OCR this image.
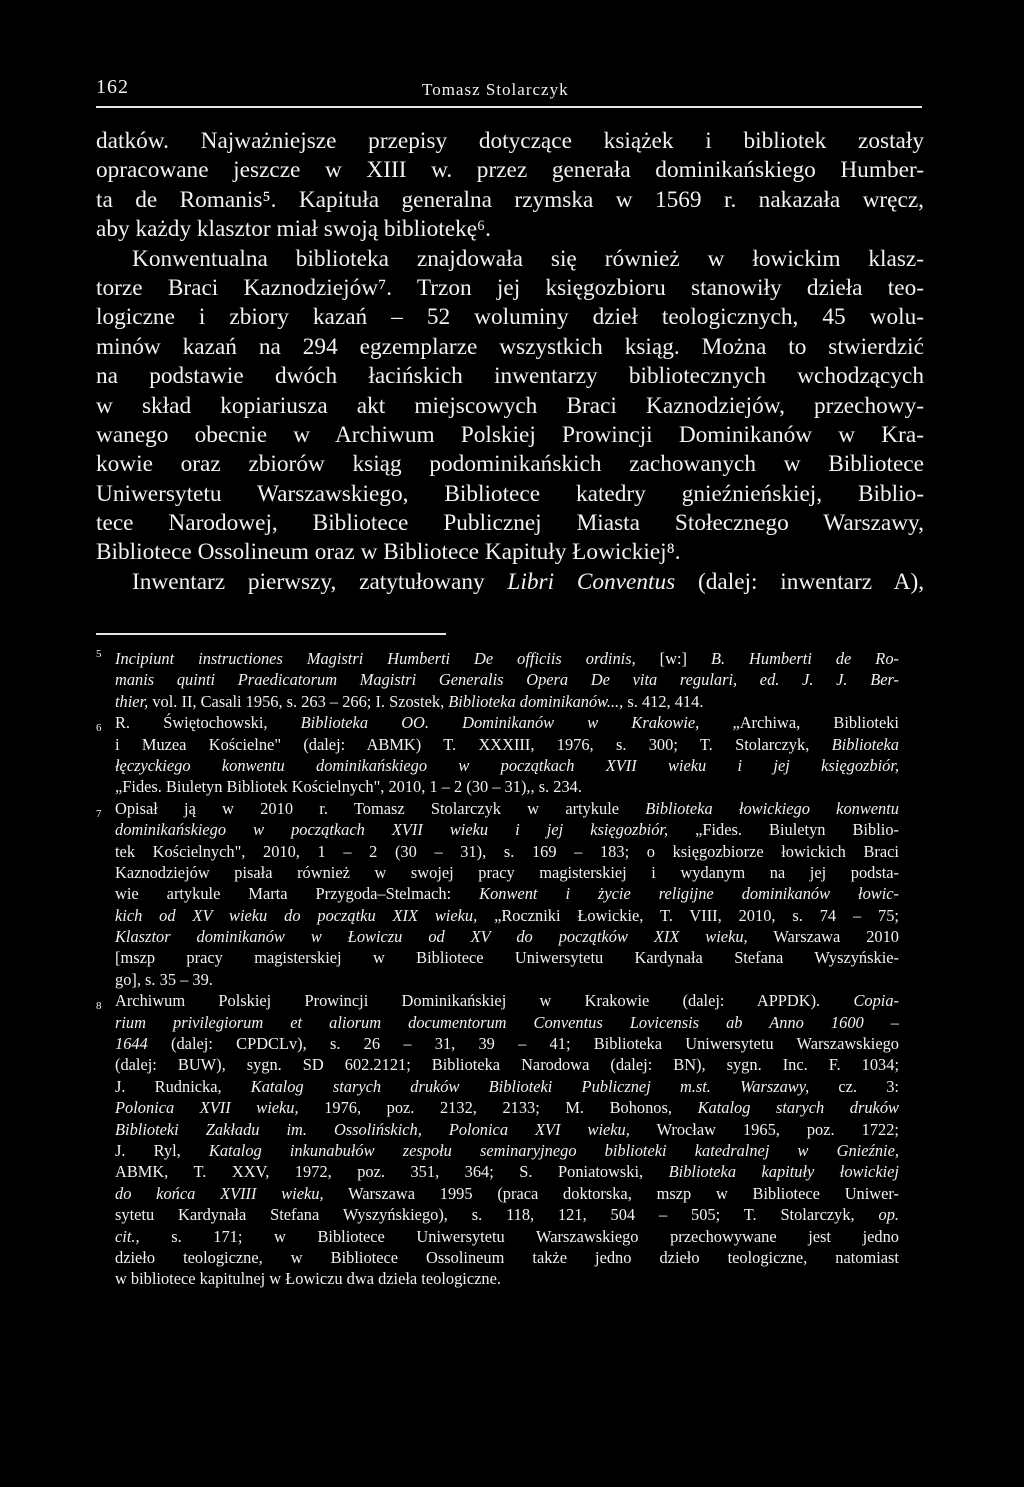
162	Tomasz Stolarczyk
datków. Najważniejsze przepisy dotyczące książek i bibliotek zostały
opracowane jeszcze w XIII w. przez generała dominikańskiego Humber-
ta de Romanis⁵. Kapituła generalna rzymska w 1569 r. nakazała wręcz,
aby każdy klasztor miał swoją bibliotekę⁶.
Konwentualna biblioteka znajdowała się również w łowickim klasz-
torze Braci Kaznodziejów⁷. Trzon jej księgozbioru stanowiły dzieła teo-
logiczne i zbiory kazań – 52 woluminy dzieł teologicznych, 45 wolu-
minów kazań na 294 egzemplarze wszystkich ksiąg. Można to stwierdzić
na podstawie dwóch łacińskich inwentarzy bibliotecznych wchodzących
w skład kopiariusza akt miejscowych Braci Kaznodziejów, przechowy-
wanego obecnie w Archiwum Polskiej Prowincji Dominikanów w Kra-
kowie oraz zbiorów ksiąg podominikańskich zachowanych w Bibliotece
Uniwersytetu Warszawskiego, Bibliotece katedry gnieźnieńskiej, Biblio-
tece Narodowej, Bibliotece Publicznej Miasta Stołecznego Warszawy,
Bibliotece Ossolineum oraz w Bibliotece Kapituły Łowickiej⁸.
Inwentarz pierwszy, zatytułowany Libri Conventus (dalej: inwentarz A),
5 Incipiunt instructiones Magistri Humberti De officiis ordinis, [w:] B. Humberti de Ro-
manis quinti Praedicatorum Magistri Generalis Opera De vita regulari, ed. J. J. Ber-
thier, vol. II, Casali 1956, s. 263 – 266; I. Szostek, Biblioteka dominikanów..., s. 412, 414.
6 R. Świętochowski, Biblioteka OO. Dominikanów w Krakowie, „Archiwa, Biblioteki
i Muzea Kościelne" (dalej: ABMK) T. XXXIII, 1976, s. 300; T. Stolarczyk, Biblioteka
łęczyckiego konwentu dominikańskiego w początkach XVII wieku i jej księgozbiór,
„Fides. Biuletyn Bibliotek Kościelnych", 2010, 1 – 2 (30 – 31),, s. 234.
7 Opisał ją w 2010 r. Tomasz Stolarczyk w artykule Biblioteka łowickiego konwentu
dominikańskiego w początkach XVII wieku i jej księgozbiór, „Fides. Biuletyn Biblio-
tek Kościelnych", 2010, 1 – 2 (30 – 31), s. 169 – 183; o księgozbiorze łowickich Braci
Kaznodziejów pisała również w swojej pracy magisterskiej i wydanym na jej podsta-
wie artykule Marta Przygoda–Stelmach: Konwent i życie religijne dominikanów łowic-
kich od XV wieku do początku XIX wieku, „Roczniki Łowickie, T. VIII, 2010, s. 74 – 75;
Klasztor dominikanów w Łowiczu od XV do początków XIX wieku, Warszawa 2010
[mszp pracy magisterskiej w Bibliotece Uniwersytetu Kardynała Stefana Wyszyńskie-
go], s. 35 – 39.
8 Archiwum Polskiej Prowincji Dominikańskiej w Krakowie (dalej: APPDK). Copia-
rium privilegiorum et aliorum documentorum Conventus Lovicensis ab Anno 1600 –
1644 (dalej: CPDCLv), s. 26 – 31, 39 – 41; Biblioteka Uniwersytetu Warszawskiego
(dalej: BUW), sygn. SD 602.2121; Biblioteka Narodowa (dalej: BN), sygn. Inc. F. 1034;
J. Rudnicka, Katalog starych druków Biblioteki Publicznej m.st. Warszawy, cz. 3:
Polonica XVII wieku, 1976, poz. 2132, 2133; M. Bohonos, Katalog starych druków
Biblioteki Zakładu im. Ossolińskich, Polonica XVI wieku, Wrocław 1965, poz. 1722;
J. Ryl, Katalog inkunabułów zespołu seminaryjnego biblioteki katedralnej w Gnieźnie,
ABMK, T. XXV, 1972, poz. 351, 364; S. Poniatowski, Biblioteka kapituły łowickiej
do końca XVIII wieku, Warszawa 1995 (praca doktorska, mszp w Bibliotece Uniwer-
sytetu Kardynała Stefana Wyszyńskiego), s. 118, 121, 504 – 505; T. Stolarczyk, op.
cit., s. 171; w Bibliotece Uniwersytetu Warszawskiego przechowywane jest jedno
dzieło teologiczne, w Bibliotece Ossolineum także jedno dzieło teologiczne, natomiast
w bibliotece kapitulnej w Łowiczu dwa dzieła teologiczne.
